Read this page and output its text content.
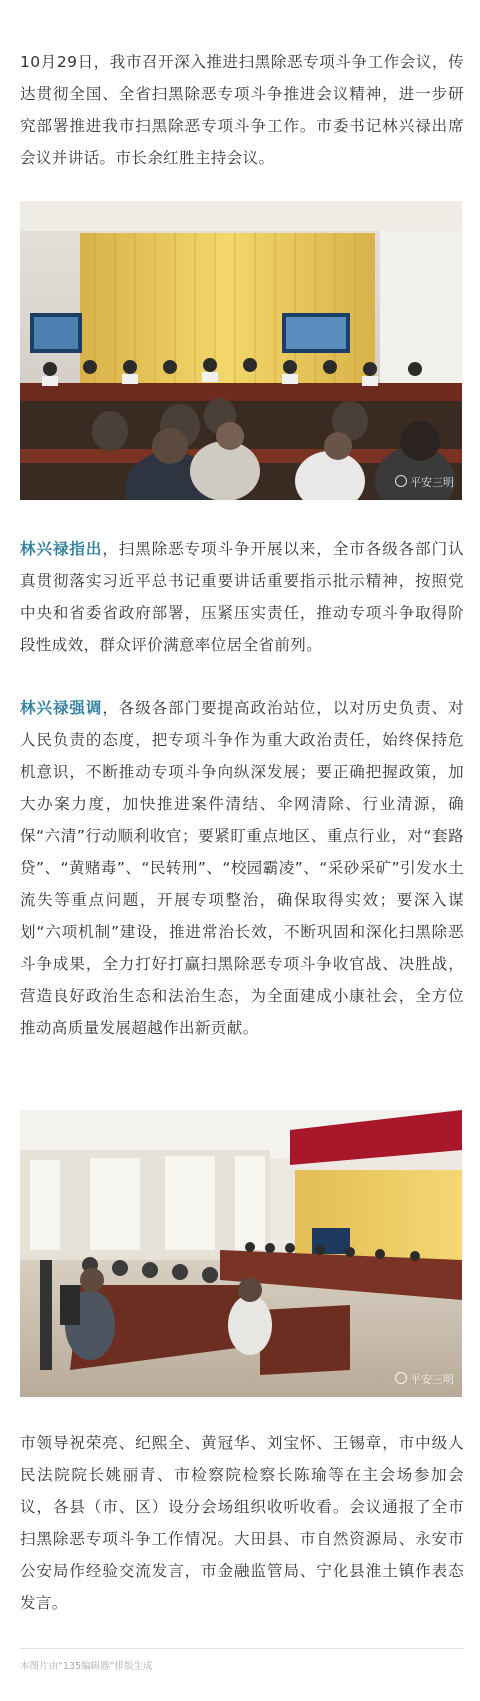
10月29日，我市召开深入推进扫黑除恶专项斗争工作会议，传达贯彻全国、全省扫黑除恶专项斗争推进会议精神，进一步研究部署推进我市扫黑除恶专项斗争工作。市委书记林兴禄出席会议并讲话。市长余红胜主持会议。

平安三明

林兴禄指出，扫黑除恶专项斗争开展以来，全市各级各部门认真贯彻落实习近平总书记重要讲话重要指示批示精神，按照党中央和省委省政府部署，压紧压实责任，推动专项斗争取得阶段性成效，群众评价满意率位居全省前列。

林兴禄强调，各级各部门要提高政治站位，以对历史负责、对人民负责的态度，把专项斗争作为重大政治责任，始终保持危机意识，不断推动专项斗争向纵深发展；要正确把握政策，加大办案力度，加快推进案件清结、伞网清除、行业清源，确保“六清”行动顺利收官；要紧盯重点地区、重点行业，对“套路贷”、“黄赌毒”、“民转刑”、“校园霸凌”、“采砂采矿”引发水土流失等重点问题，开展专项整治，确保取得实效；要深入谋划“六项机制”建设，推进常治长效，不断巩固和深化扫黑除恶斗争成果，全力打好打赢扫黑除恶专项斗争收官战、决胜战，营造良好政治生态和法治生态，为全面建成小康社会，全方位推动高质量发展超越作出新贡献。

平安三明

市领导祝荣亮、纪熙全、黄冠华、刘宝怀、王锡章，市中级人民法院院长姚丽青、市检察院检察长陈瑜等在主会场参加会议，各县（市、区）设分会场组织收听收看。会议通报了全市扫黑除恶专项斗争工作情况。大田县、市自然资源局、永安市公安局作经验交流发言，市金融监管局、宁化县淮土镇作表态发言。

本图片由“135编辑器”排版生成
